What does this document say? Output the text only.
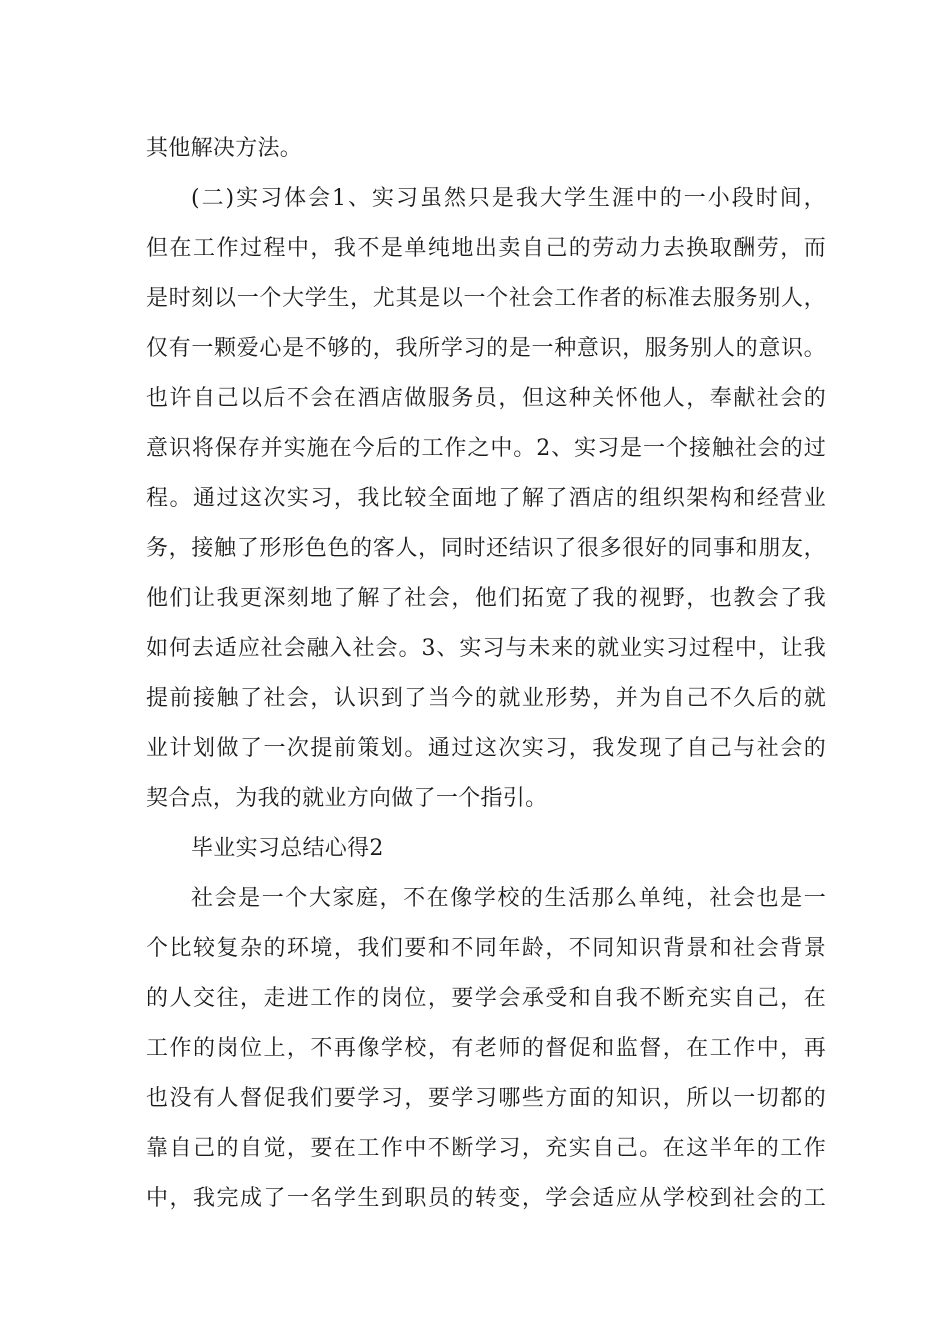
其他解决方法。
(二)实习体会1、实习虽然只是我大学生涯中的一小段时间，
但在工作过程中，我不是单纯地出卖自己的劳动力去换取酬劳，而
是时刻以一个大学生，尤其是以一个社会工作者的标准去服务别人，
仅有一颗爱心是不够的，我所学习的是一种意识，服务别人的意识。
也许自己以后不会在酒店做服务员，但这种关怀他人，奉献社会的
意识将保存并实施在今后的工作之中。2、实习是一个接触社会的过
程。通过这次实习，我比较全面地了解了酒店的组织架构和经营业
务，接触了形形色色的客人，同时还结识了很多很好的同事和朋友，
他们让我更深刻地了解了社会，他们拓宽了我的视野，也教会了我
如何去适应社会融入社会。3、实习与未来的就业实习过程中，让我
提前接触了社会，认识到了当今的就业形势，并为自己不久后的就
业计划做了一次提前策划。通过这次实习，我发现了自己与社会的
契合点，为我的就业方向做了一个指引。
毕业实习总结心得2
社会是一个大家庭，不在像学校的生活那么单纯，社会也是一
个比较复杂的环境，我们要和不同年龄，不同知识背景和社会背景
的人交往，走进工作的岗位，要学会承受和自我不断充实自己，在
工作的岗位上，不再像学校，有老师的督促和监督，在工作中，再
也没有人督促我们要学习，要学习哪些方面的知识，所以一切都的
靠自己的自觉，要在工作中不断学习，充实自己。在这半年的工作
中，我完成了一名学生到职员的转变，学会适应从学校到社会的工
